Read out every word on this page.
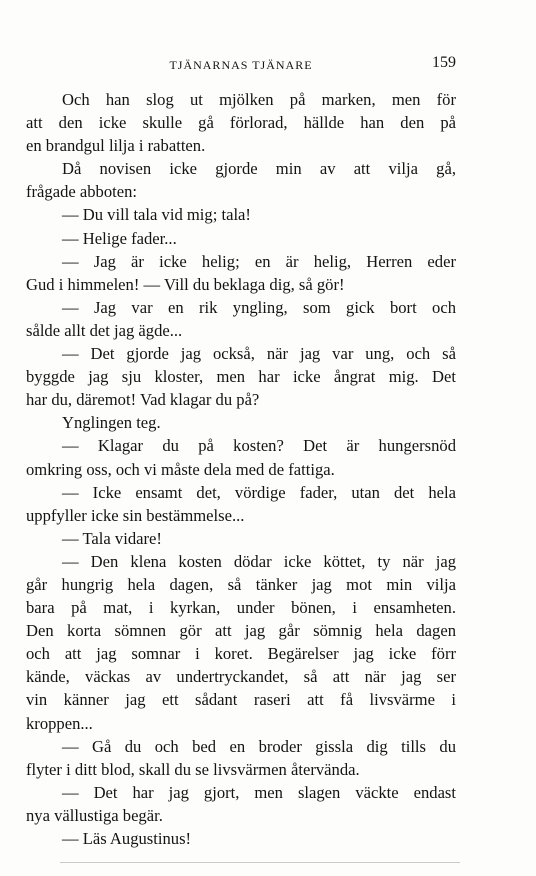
TJÄNARNAS TJÄNARE	159
Och han slog ut mjölken på marken, men för
att den icke skulle gå förlorad, hällde han den på
en brandgul lilja i rabatten.
Då novisen icke gjorde min av att vilja gå,
frågade abboten:
— Du vill tala vid mig; tala!
— Helige fader...
— Jag är icke helig; en är helig, Herren eder
Gud i himmelen! — Vill du beklaga dig, så gör!
— Jag var en rik yngling, som gick bort och
sålde allt det jag ägde...
— Det gjorde jag också, när jag var ung, och så
byggde jag sju kloster, men har icke ångrat mig. Det
har du, däremot! Vad klagar du på?
Ynglingen teg.
— Klagar du på kosten? Det är hungersnöd
omkring oss, och vi måste dela med de fattiga.
— Icke ensamt det, vördige fader, utan det hela
uppfyller icke sin bestämmelse...
— Tala vidare!
— Den klena kosten dödar icke köttet, ty när jag
går hungrig hela dagen, så tänker jag mot min vilja
bara på mat, i kyrkan, under bönen, i ensamheten.
Den korta sömnen gör att jag går sömnig hela dagen
och att jag somnar i koret. Begärelser jag icke förr
kände, väckas av undertryckandet, så att när jag ser
vin känner jag ett sådant raseri att få livsvärme i
kroppen...
— Gå du och bed en broder gissla dig tills du
flyter i ditt blod, skall du se livsvärmen återvända.
— Det har jag gjort, men slagen väckte endast
nya vällustiga begär.
— Läs Augustinus!
